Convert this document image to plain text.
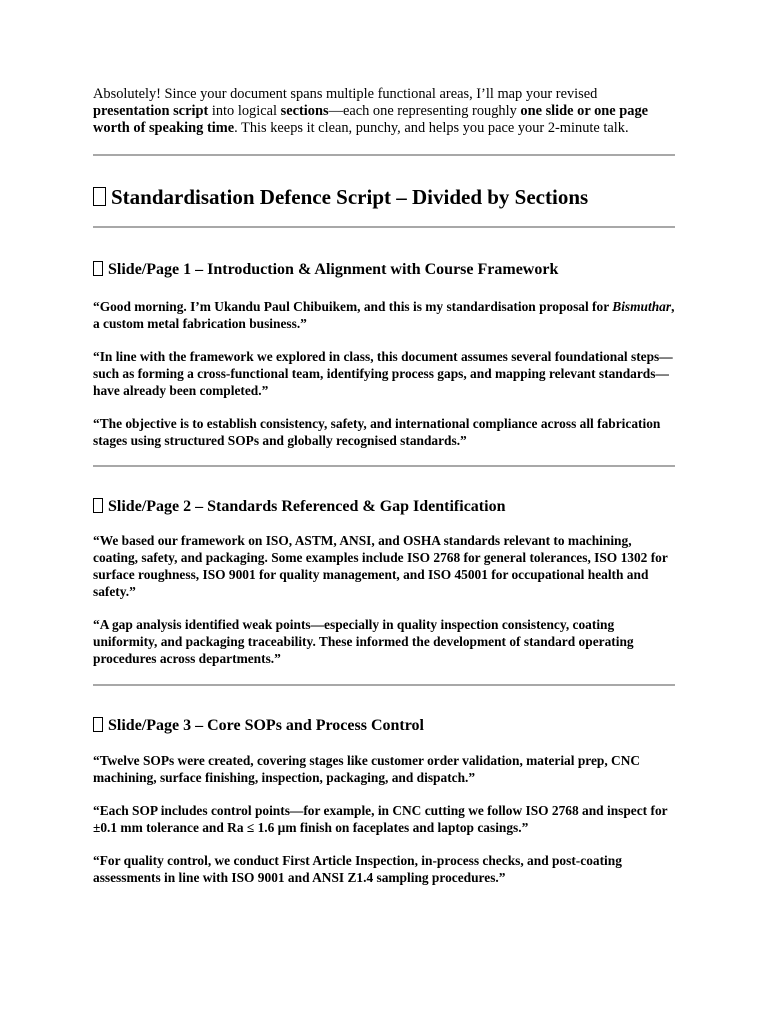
Absolutely! Since your document spans multiple functional areas, I’ll map your revised presentation script into logical sections—each one representing roughly one slide or one page worth of speaking time. This keeps it clean, punchy, and helps you pace your 2-minute talk.

Standardisation Defence Script – Divided by Sections
Slide/Page 1 – Introduction & Alignment with Course Framework

“Good morning. I’m Ukandu Paul Chibuikem, and this is my standardisation proposal for Bismuthar, a custom metal fabrication business.”

“In line with the framework we explored in class, this document assumes several foundational steps—such as forming a cross-functional team, identifying process gaps, and mapping relevant standards—have already been completed.”

“The objective is to establish consistency, safety, and international compliance across all fabrication stages using structured SOPs and globally recognised standards.”

Slide/Page 2 – Standards Referenced & Gap Identification

“We based our framework on ISO, ASTM, ANSI, and OSHA standards relevant to machining, coating, safety, and packaging. Some examples include ISO 2768 for general tolerances, ISO 1302 for surface roughness, ISO 9001 for quality management, and ISO 45001 for occupational health and safety.”

“A gap analysis identified weak points—especially in quality inspection consistency, coating uniformity, and packaging traceability. These informed the development of standard operating procedures across departments.”

Slide/Page 3 – Core SOPs and Process Control

“Twelve SOPs were created, covering stages like customer order validation, material prep, CNC machining, surface finishing, inspection, packaging, and dispatch.”

“Each SOP includes control points—for example, in CNC cutting we follow ISO 2768 and inspect for ±0.1 mm tolerance and Ra ≤ 1.6 µm finish on faceplates and laptop casings.”

“For quality control, we conduct First Article Inspection, in-process checks, and post-coating assessments in line with ISO 9001 and ANSI Z1.4 sampling procedures.”
